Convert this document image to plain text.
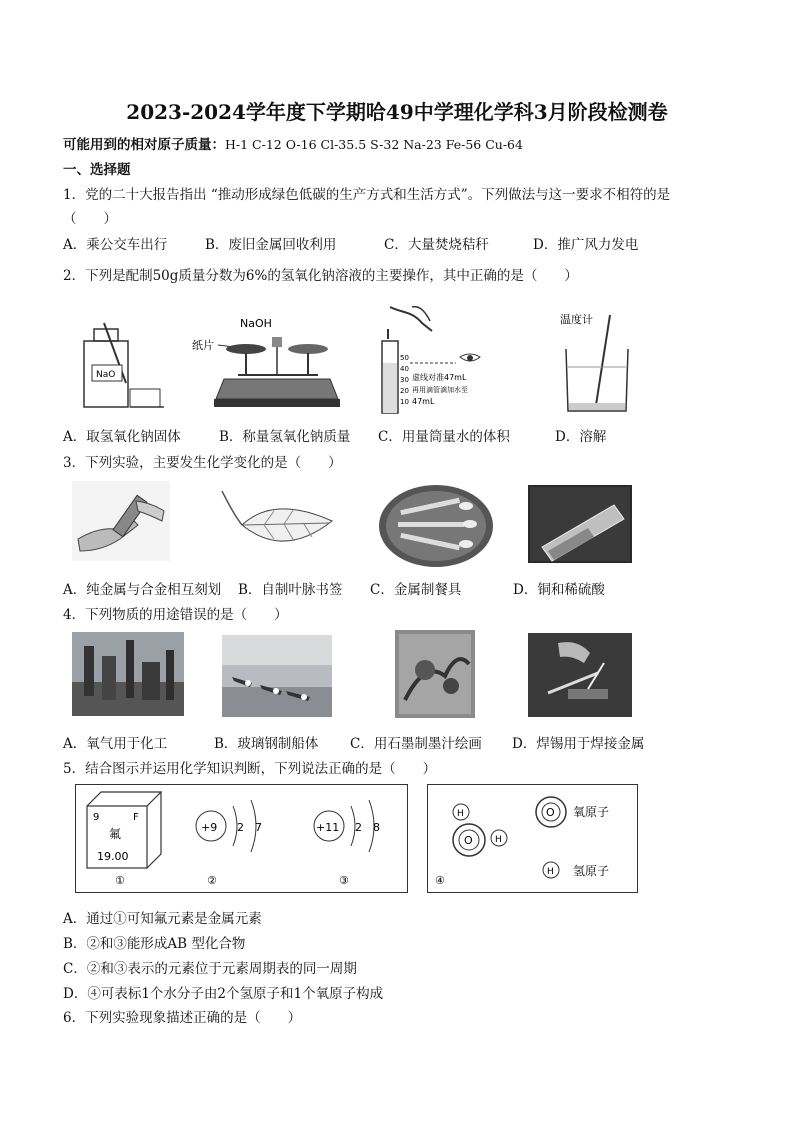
2023-2024学年度下学期哈49中学理化学科3月阶段检测卷
可能用到的相对原子质量：H-1 C-12 O-16 Cl-35.5 S-32 Na-23 Fe-56 Cu-64
一、选择题
1．党的二十大报告指出 “推动形成绿色低碳的生产方式和生活方式”。下列做法与这一要求不相符的是
（　　）
A．乘公交车出行	B．废旧金属回收利用	C．大量焚烧秸秆	D．推广风力发电
2．下列是配制50g质量分数为6%的氢氧化钠溶液的主要操作，其中正确的是（　　）
NaO
NaOH
纸片
50
40
30
20
10
虚线对准47mL
再用滴管滴加水至
47mL
温度计
A．取氢氧化钠固体	B．称量氢氧化钠质量 C．用量筒量水的体积	D．溶解
3．下列实验，主要发生化学变化的是（　　）
A．纯金属与合金相互刻划 B．自制叶脉书签 C．金属制餐具	D．铜和稀硫酸
4．下列物质的用途错误的是（　　）
A．氧气用于化工	B．玻璃钢制船体 C．用石墨制墨汁绘画 D．焊锡用于焊接金属
5．结合图示并运用化学知识判断，下列说法正确的是（　　）
9	F
氟
19.00
①
+9 2 7
②
+11 2 8
③
H
O H
O 氧原子
H 氢原子
④
A．通过①可知氟元素是金属元素
B．②和③能形成AB 型化合物
C．②和③表示的元素位于元素周期表的同一周期
D．④可表标1个水分子由2个氢原子和1个氧原子构成
6．下列实验现象描述正确的是（　　）
